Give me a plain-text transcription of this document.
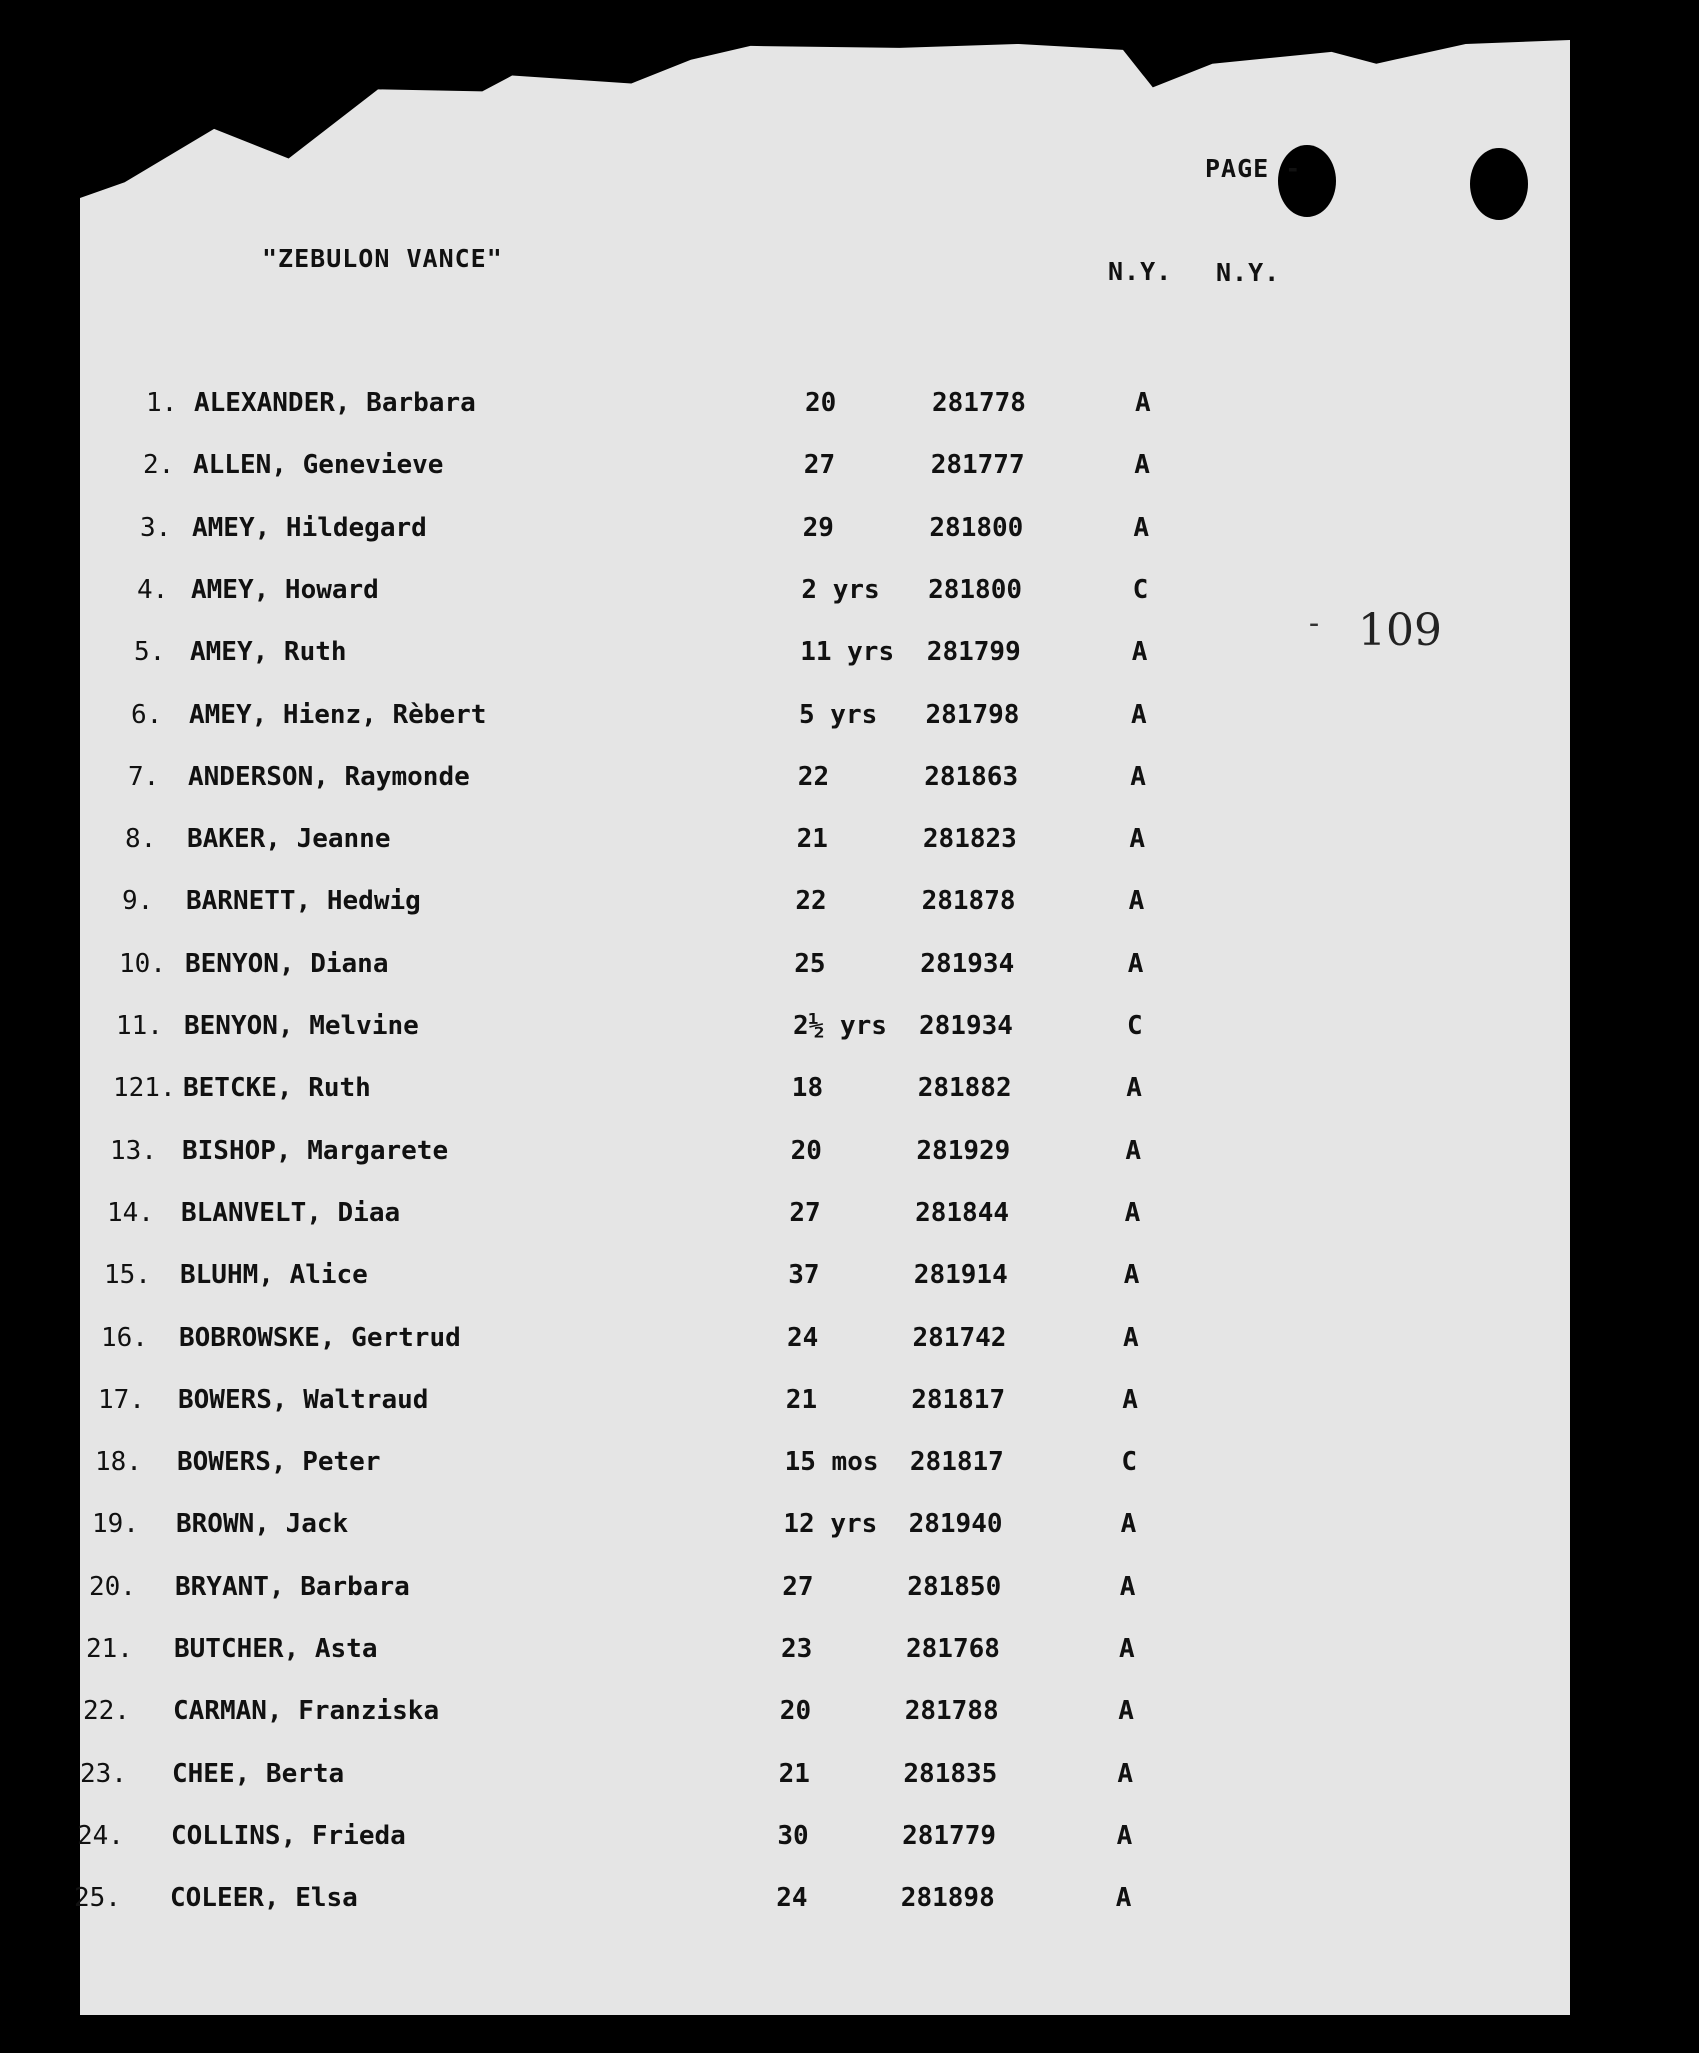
"ZEBULON VANCE"
PAGE -
N.Y. N.Y.
- 109
1. ALEXANDER, Barbara	20	281778	A
2. ALLEN, Genevieve	27	281777	A
3. AMEY, Hildegard	29	281800	A
4. AMEY, Howard	2 yrs 281800	C
5. AMEY, Ruth	11 yrs 281799	A
6. AMEY, Hienz, Rèbert	5 yrs 281798	A
7. ANDERSON, Raymonde	22	281863	A
8. BAKER, Jeanne	21	281823	A
9. BARNETT, Hedwig	22	281878	A
10. BENYON, Diana	25	281934	A
11. BENYON, Melvine	2½ yrs 281934	C
121. BETCKE, Ruth	18	281882	A
13. BISHOP, Margarete	20	281929	A
14. BLANVELT, Diaa	27	281844	A
15. BLUHM, Alice	37	281914	A
16. BOBROWSKE, Gertrud	24	281742	A
17. BOWERS, Waltraud	21	281817	A
18. BOWERS, Peter	15 mos 281817	C
19. BROWN, Jack	12 yrs 281940	A
20. BRYANT, Barbara	27	281850	A
21. BUTCHER, Asta	23	281768	A
22. CARMAN, Franziska	20	281788	A
23. CHEE, Berta	21	281835	A
24. COLLINS, Frieda	30	281779	A
25. COLEER, Elsa	24	281898	A
